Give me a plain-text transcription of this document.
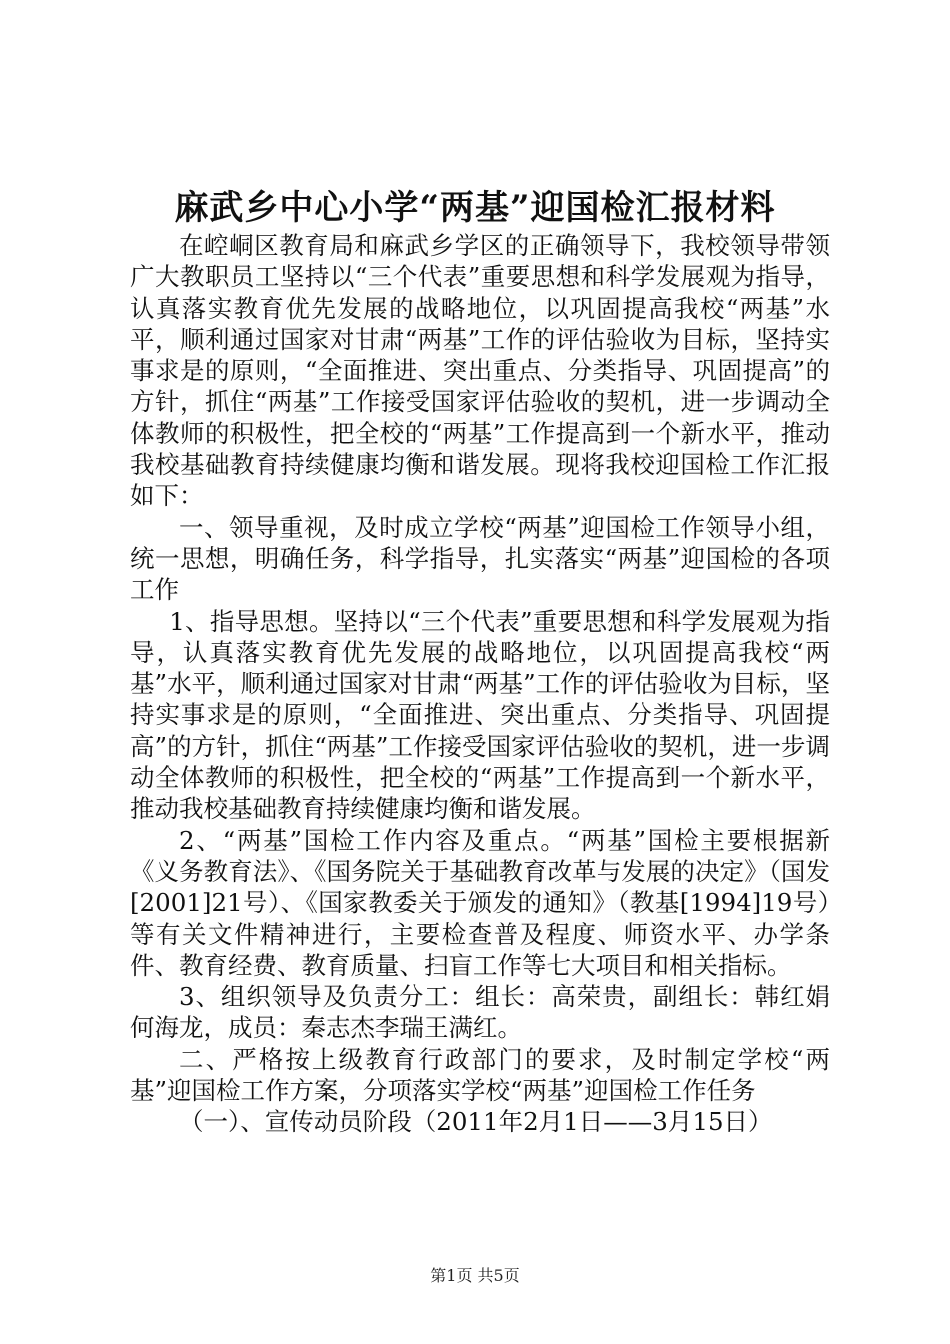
麻武乡中心小学“两基”迎国检汇报材料

在崆峒区教育局和麻武乡学区的正确领导下，我校领导带领广大教职员工坚持以“三个代表”重要思想和科学发展观为指导，认真落实教育优先发展的战略地位，以巩固提高我校“两基”水平，顺利通过国家对甘肃“两基”工作的评估验收为目标，坚持实事求是的原则，“全面推进、突出重点、分类指导、巩固提高”的方针，抓住“两基”工作接受国家评估验收的契机，进一步调动全体教师的积极性，把全校的“两基”工作提高到一个新水平，推动我校基础教育持续健康均衡和谐发展。现将我校迎国检工作汇报如下：

一、领导重视，及时成立学校“两基”迎国检工作领导小组，统一思想，明确任务，科学指导，扎实落实“两基”迎国检的各项工作

1、指导思想。坚持以“三个代表”重要思想和科学发展观为指导，认真落实教育优先发展的战略地位，以巩固提高我校“两基”水平，顺利通过国家对甘肃“两基”工作的评估验收为目标，坚持实事求是的原则，“全面推进、突出重点、分类指导、巩固提高”的方针，抓住“两基”工作接受国家评估验收的契机，进一步调动全体教师的积极性，把全校的“两基”工作提高到一个新水平，推动我校基础教育持续健康均衡和谐发展。

2、“两基”国检工作内容及重点。“两基”国检主要根据新《义务教育法》、《国务院关于基础教育改革与发展的决定》（国发[2001]21号）、《国家教委关于颁发的通知》（教基[1994]19号）等有关文件精神进行，主要检查普及程度、师资水平、办学条件、教育经费、教育质量、扫盲工作等七大项目和相关指标。

3、组织领导及负责分工：组长：高荣贵，副组长：韩红娟何海龙，成员：秦志杰李瑞王满红。

二、严格按上级教育行政部门的要求，及时制定学校“两基”迎国检工作方案，分项落实学校“两基”迎国检工作任务

（一）、宣传动员阶段（2011年2月1日——3月15日）

第1页 共5页
